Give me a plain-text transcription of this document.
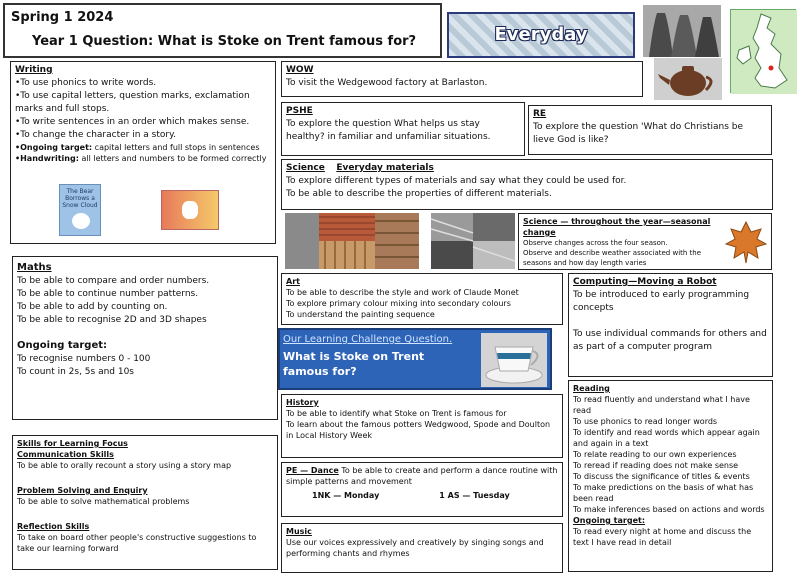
Spring 1 2024
Year 1 Question: What is Stoke on Trent famous for?	Everyday
Writing
•To use phonics to write words.
•To use capital letters, question marks, exclamation marks and full stops.
•To write sentences in an order which makes sense.
•To change the character in a story.
•Ongoing target: capital letters and full stops in sentences
•Handwriting: all letters and numbers to be formed correctly
The Bear Borrows a Snow Cloud
WOW
To visit the Wedgewood factory at Barlaston.
PSHE
To explore the question What helps us stay healthy? in familiar and unfamiliar situations.
RE
To explore the question 'What do Christians be lieve God is like?
Science Everyday materials
To explore different types of materials and say what they could be used for.
To be able to describe the properties of different materials.
Science — throughout the year—seasonal change
Observe changes across the four season.
Observe and describe weather associated with the seasons and how day length varies
Maths
To be able to compare and order numbers.
To be able to continue number patterns.
To be able to add by counting on.
To be able to recognise 2D and 3D shapes
Ongoing target:
To recognise numbers 0 - 100
To count in 2s, 5s and 10s
Art
To be able to describe the style and work of Claude Monet
To explore primary colour mixing into secondary colours
To understand the painting sequence
Computing—Moving a Robot
To be introduced to early programming concepts
To use individual commands for others and as part of a computer program
Our Learning Challenge Question.
What is Stoke on Trent famous for?
History
To be able to identify what Stoke on Trent is famous for
To learn about the famous potters Wedgwood, Spode and Doulton in Local History Week
Reading
To read fluently and understand what I have read
To use phonics to read longer words
To identify and read words which appear again and again in a text
To relate reading to our own experiences
To reread if reading does not make sense
To discuss the significance of titles & events
To make predictions on the basis of what has been read
To make inferences based on actions and words
Ongoing target:
To read every night at home and discuss the text I have read in detail
Skills for Learning Focus
Communication Skills
To be able to orally recount a story using a story map
Problem Solving and Enquiry
To be able to solve mathematical problems
Reflection Skills
To take on board other people's constructive suggestions to take our learning forward
PE — Dance To be able to create and perform a dance routine with simple patterns and movement
1NK — Monday	1 AS — Tuesday
Music
Use our voices expressively and creatively by singing songs and performing chants and rhymes
